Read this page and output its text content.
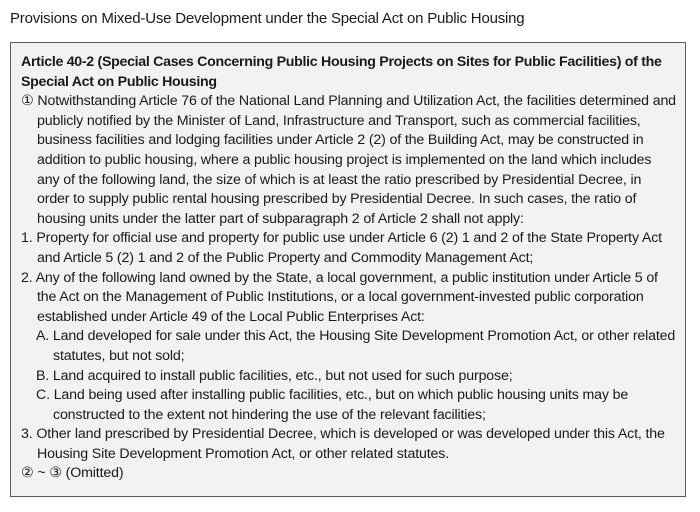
Provisions on Mixed-Use Development under the Special Act on Public Housing

Article 40-2 (Special Cases Concerning Public Housing Projects on Sites for Public Facilities) of the Special Act on Public Housing

① Notwithstanding Article 76 of the National Land Planning and Utilization Act, the facilities determined and publicly notified by the Minister of Land, Infrastructure and Transport, such as commercial facilities, business facilities and lodging facilities under Article 2 (2) of the Building Act, may be constructed in addition to public housing, where a public housing project is implemented on the land which includes any of the following land, the size of which is at least the ratio prescribed by Presidential Decree, in order to supply public rental housing prescribed by Presidential Decree. In such cases, the ratio of housing units under the latter part of subparagraph 2 of Article 2 shall not apply:

1. Property for official use and property for public use under Article 6 (2) 1 and 2 of the State Property Act and Article 5 (2) 1 and 2 of the Public Property and Commodity Management Act;

2. Any of the following land owned by the State, a local government, a public institution under Article 5 of the Act on the Management of Public Institutions, or a local government-invested public corporation established under Article 49 of the Local Public Enterprises Act:

A. Land developed for sale under this Act, the Housing Site Development Promotion Act, or other related statutes, but not sold;

B. Land acquired to install public facilities, etc., but not used for such purpose;

C. Land being used after installing public facilities, etc., but on which public housing units may be constructed to the extent not hindering the use of the relevant facilities;

3. Other land prescribed by Presidential Decree, which is developed or was developed under this Act, the Housing Site Development Promotion Act, or other related statutes.

② ~ ③ (Omitted)
